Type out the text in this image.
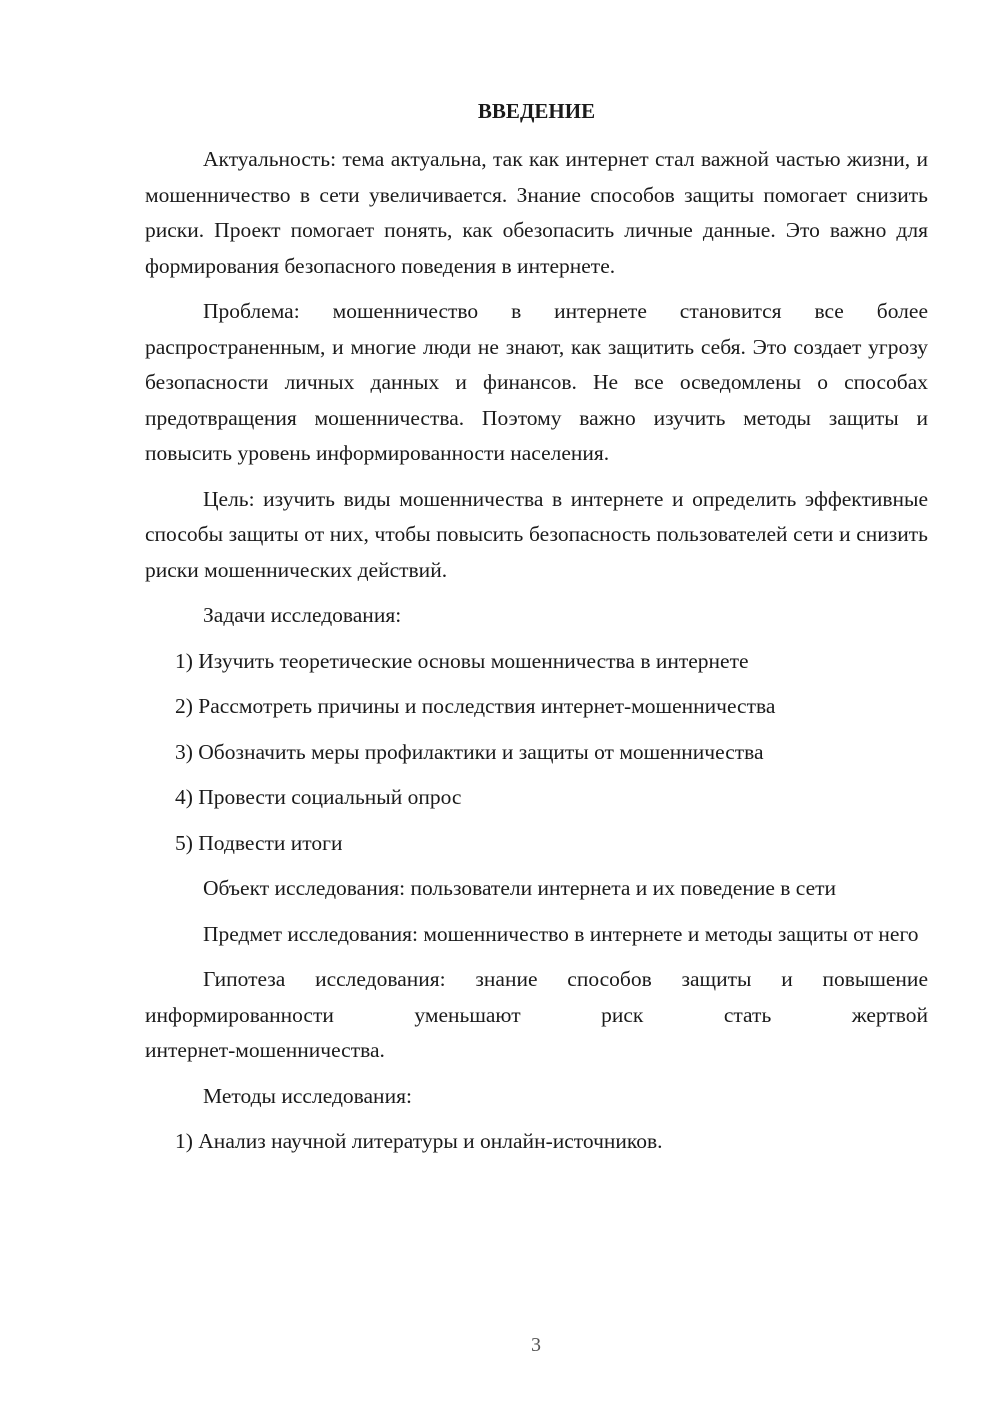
ВВЕДЕНИЕ

Актуальность: тема актуальна, так как интернет стал важной частью жизни, и мошенничество в сети увеличивается. Знание способов защиты помогает снизить риски. Проект помогает понять, как обезопасить личные данные. Это важно для формирования безопасного поведения в интернете.

Проблема: мошенничество в интернете становится все более распространенным, и многие люди не знают, как защитить себя. Это создает угрозу безопасности личных данных и финансов. Не все осведомлены о способах предотвращения мошенничества. Поэтому важно изучить методы защиты и повысить уровень информированности населения.

Цель: изучить виды мошенничества в интернете и определить эффективные способы защиты от них, чтобы повысить безопасность пользователей сети и снизить риски мошеннических действий.

Задачи исследования:

1) Изучить теоретические основы мошенничества в интернете
2) Рассмотреть причины и последствия интернет-мошенничества
3) Обозначить меры профилактики и защиты от мошенничества
4) Провести социальный опрос
5) Подвести итоги

Объект исследования: пользователи интернета и их поведение в сети

Предмет исследования: мошенничество в интернете и методы защиты от него

Гипотеза исследования: знание способов защиты и повышение
информированности уменьшают риск стать жертвой
интернет-мошенничества.

Методы исследования:

1) Анализ научной литературы и онлайн-источников.
3
